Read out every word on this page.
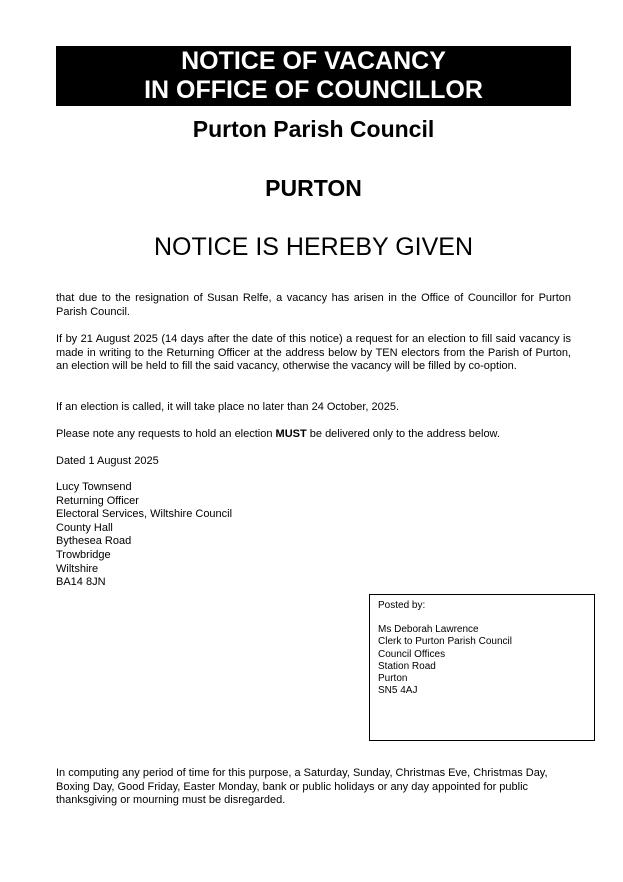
NOTICE OF VACANCY
IN OFFICE OF COUNCILLOR
Purton Parish Council
PURTON
NOTICE IS HEREBY GIVEN

that due to the resignation of Susan Relfe, a vacancy has arisen in the Office of Councillor for Purton Parish Council.

If by 21 August 2025 (14 days after the date of this notice) a request for an election to fill said vacancy is made in writing to the Returning Officer at the address below by TEN electors from the Parish of Purton, an election will be held to fill the said vacancy, otherwise the vacancy will be filled by co-option.

If an election is called, it will take place no later than 24 October, 2025.

Please note any requests to hold an election MUST be delivered only to the address below.

Dated 1 August 2025

Lucy Townsend
Returning Officer
Electoral Services, Wiltshire Council
County Hall
Bythesea Road
Trowbridge
Wiltshire
BA14 8JN
Posted by:
Ms Deborah Lawrence
Clerk to Purton Parish Council
Council Offices
Station Road
Purton
SN5 4AJ

In computing any period of time for this purpose, a Saturday, Sunday, Christmas Eve, Christmas Day, Boxing Day, Good Friday, Easter Monday, bank or public holidays or any day appointed for public thanksgiving or mourning must be disregarded.
